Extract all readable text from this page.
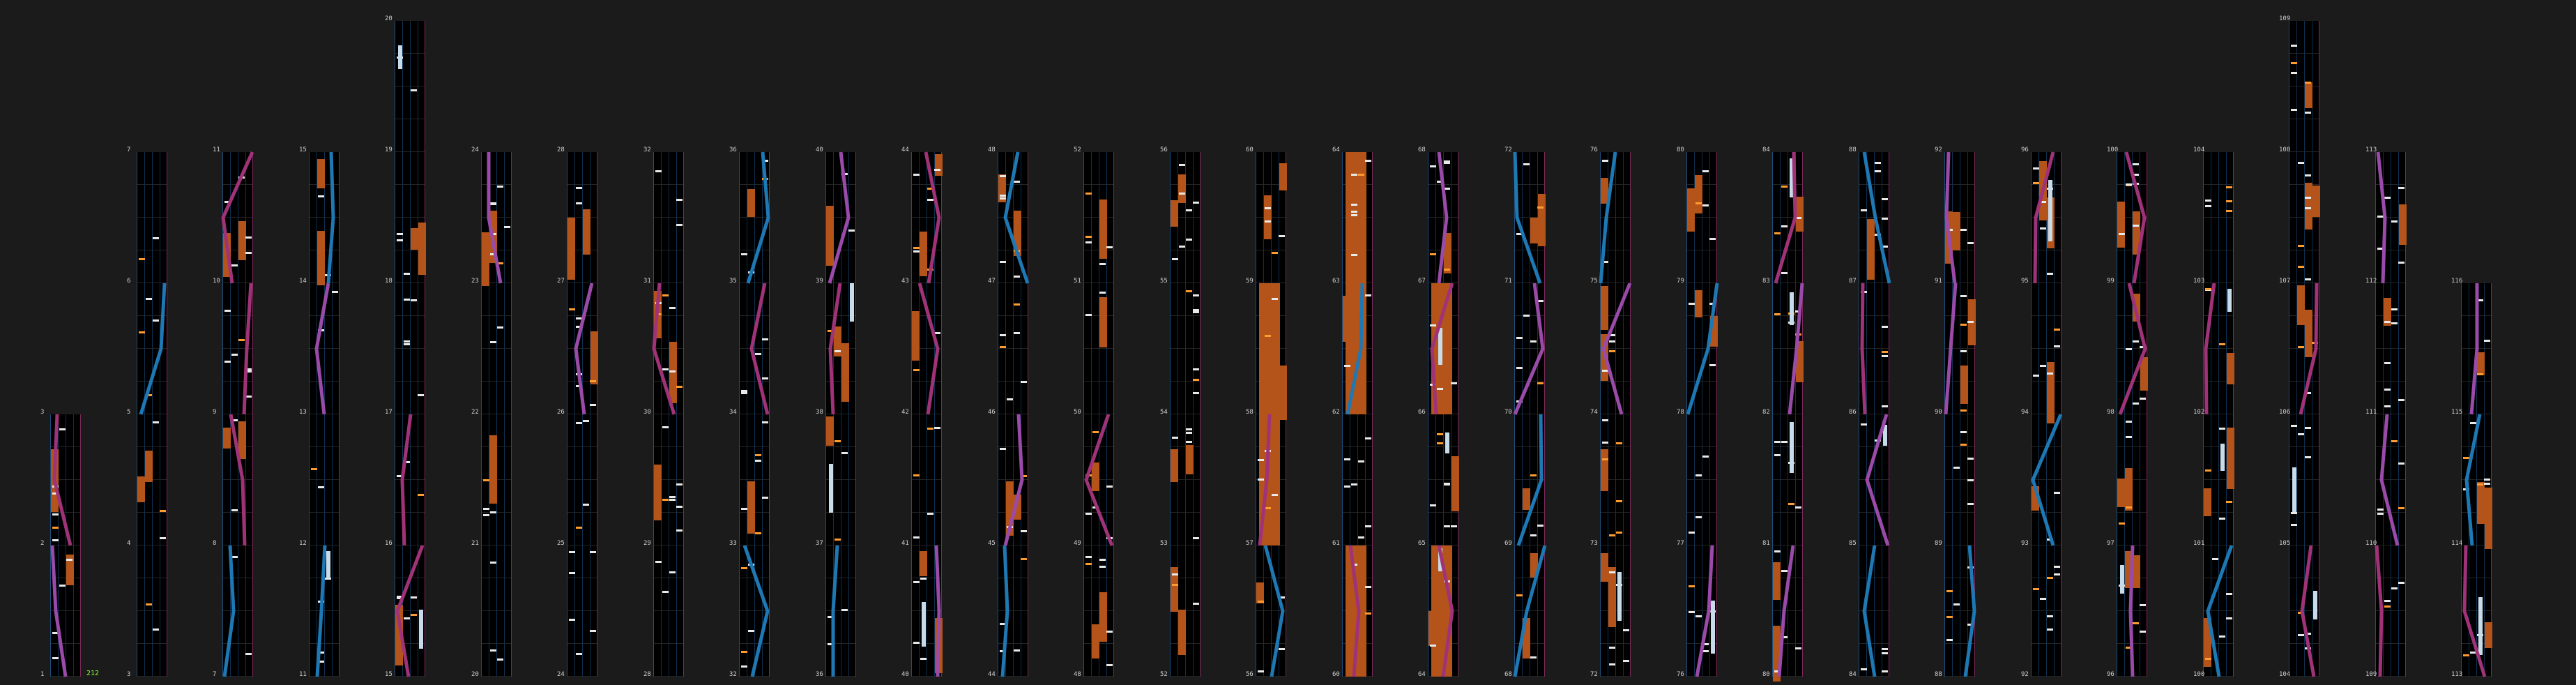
212
1
2
3
3
4
5
6
7
7
8
9
10
11
11
12
13
14
15
15
16
17
18
19
20
20
21
22
23
24
24
25
26
27
28
28
29
30
31
32
32
33
34
35
36
36
37
38
39
40
40
41
42
43
44
44
45
46
47
48
48
49
50
51
52
52
53
54
55
56
56
57
58
59
60
60
61
62
63
64
64
65
66
67
68
68
69
70
71
72
72
73
74
75
76
76
77
78
79
80
80
81
82
83
84
84
85
86
87
88
88
89
90
91
92
92
93
94
95
96
96
97
98
99
100
100
101
102
103
104
104
105
106
107
108
109
109
110
111
112
113
113
114
115
116
